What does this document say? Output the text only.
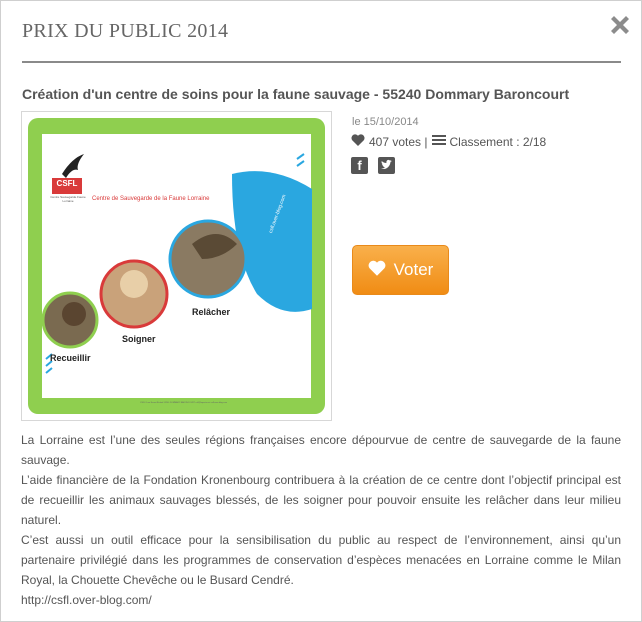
PRIX DU PUBLIC 2014
Création d'un centre de soins pour la faune sauvage - 55240 Dommary Baroncourt
CSFL
Centre Sauvegarde Faune Lorraine	Centre de Sauvegarde de la Faune Lorraine	csfl.over-blog.com
Recueillir
Soigner
Relâcher
CSFL 8 rue Ernest Bichatt 55240 DOMMARY BARONCOURT csfl@laposte.net csfl.over-blog.com
le 15/10/2014
407 votes | Classement : 2/18
f
Voter

La Lorraine est l’une des seules régions françaises encore dépourvue de centre de sauvegarde de la faune sauvage.

L’aide financière de la Fondation Kronenbourg contribuera à la création de ce centre dont l’objectif principal est de recueillir les animaux sauvages blessés, de les soigner pour pouvoir ensuite les relâcher dans leur milieu naturel.

C’est aussi un outil efficace pour la sensibilisation du public au respect de l’environnement, ainsi qu’un partenaire privilégié dans les programmes de conservation d’espèces menacées en Lorraine comme le Milan Royal, la Chouette Chevêche ou le Busard Cendré.

http://csfl.over-blog.com/
